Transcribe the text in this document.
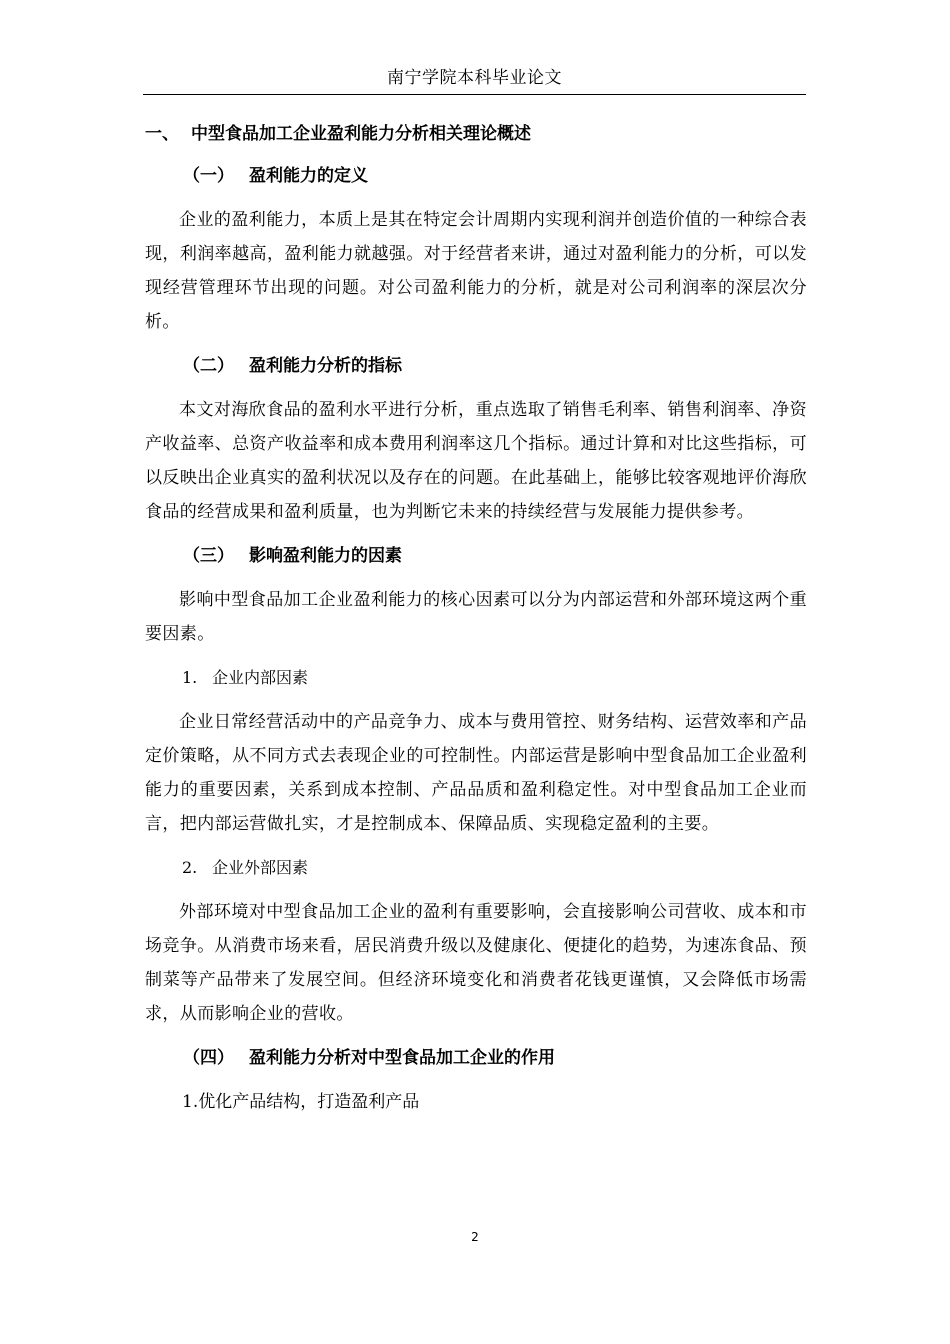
南宁学院本科毕业论文
一、 中型食品加工企业盈利能力分析相关理论概述
（一） 盈利能力的定义

企业的盈利能力，本质上是其在特定会计周期内实现利润并创造价值的一种综合表现，利润率越高，盈利能力就越强。对于经营者来讲，通过对盈利能力的分析，可以发现经营管理环节出现的问题。对公司盈利能力的分析，就是对公司利润率的深层次分析。

（二） 盈利能力分析的指标

本文对海欣食品的盈利水平进行分析，重点选取了销售毛利率、销售利润率、净资产收益率、总资产收益率和成本费用利润率这几个指标。通过计算和对比这些指标，可以反映出企业真实的盈利状况以及存在的问题。在此基础上，能够比较客观地评价海欣食品的经营成果和盈利质量，也为判断它未来的持续经营与发展能力提供参考。

（三） 影响盈利能力的因素

影响中型食品加工企业盈利能力的核心因素可以分为内部运营和外部环境这两个重要因素。

1. 企业内部因素

企业日常经营活动中的产品竞争力、成本与费用管控、财务结构、运营效率和产品定价策略，从不同方式去表现企业的可控制性。内部运营是影响中型食品加工企业盈利能力的重要因素，关系到成本控制、产品品质和盈利稳定性。对中型食品加工企业而言，把内部运营做扎实，才是控制成本、保障品质、实现稳定盈利的主要。

2. 企业外部因素

外部环境对中型食品加工企业的盈利有重要影响，会直接影响公司营收、成本和市场竞争。从消费市场来看，居民消费升级以及健康化、便捷化的趋势，为速冻食品、预制菜等产品带来了发展空间。但经济环境变化和消费者花钱更谨慎，又会降低市场需求，从而影响企业的营收。

（四） 盈利能力分析对中型食品加工企业的作用
1.优化产品结构，打造盈利产品
2
